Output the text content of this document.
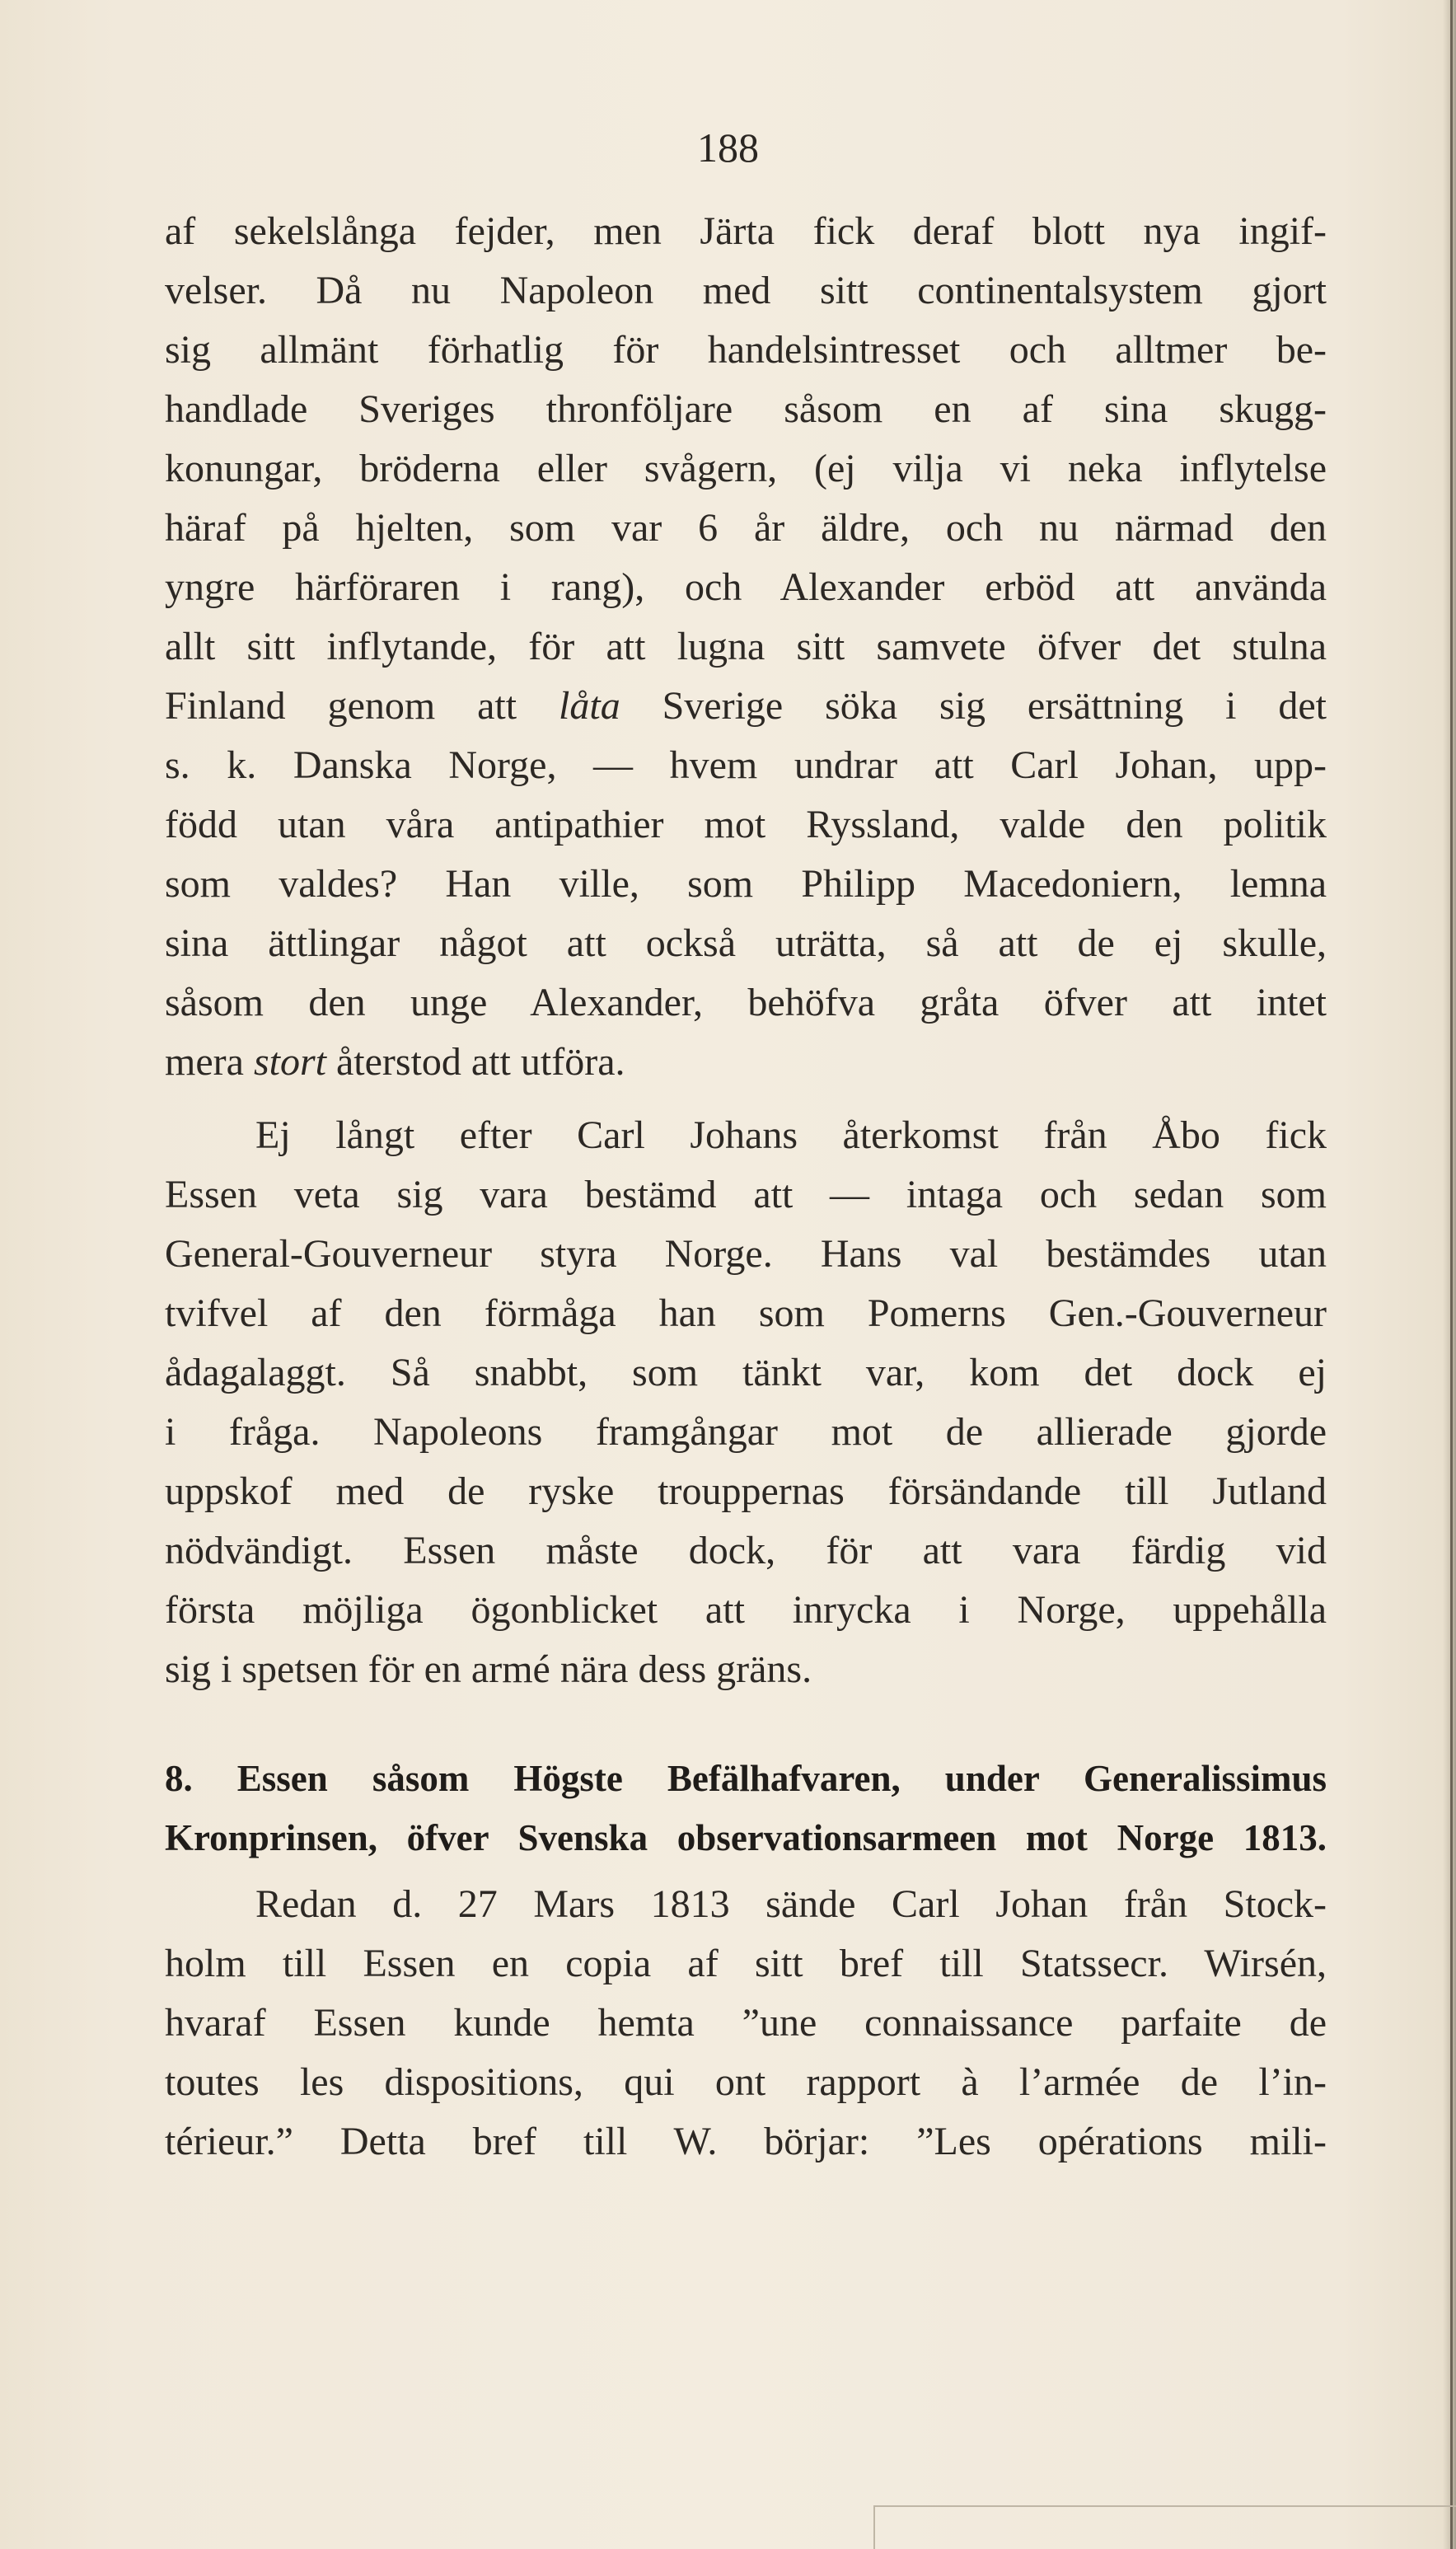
188
af sekelslånga fejder, men Järta fick deraf blott nya ingif-
velser. Då nu Napoleon med sitt continentalsystem gjort
sig allmänt förhatlig för handelsintresset och alltmer be-
handlade Sveriges thronföljare såsom en af sina skugg-
konungar, bröderna eller svågern, (ej vilja vi neka inflytelse
häraf på hjelten, som var 6 år äldre, och nu närmad den
yngre härföraren i rang), och Alexander erböd att använda
allt sitt inflytande, för att lugna sitt samvete öfver det stulna
Finland genom att låta Sverige söka sig ersättning i det
s. k. Danska Norge, — hvem undrar att Carl Johan, upp-
född utan våra antipathier mot Ryssland, valde den politik
som valdes? Han ville, som Philipp Macedoniern, lemna
sina ättlingar något att också uträtta, så att de ej skulle,
såsom den unge Alexander, behöfva gråta öfver att intet
mera stort återstod att utföra.
Ej långt efter Carl Johans återkomst från Åbo fick
Essen veta sig vara bestämd att — intaga och sedan som
General-Gouverneur styra Norge. Hans val bestämdes utan
tvifvel af den förmåga han som Pomerns Gen.-Gouverneur
ådagalaggt. Så snabbt, som tänkt var, kom det dock ej
i fråga. Napoleons framgångar mot de allierade gjorde
uppskof med de ryske trouppernas försändande till Jutland
nödvändigt. Essen måste dock, för att vara färdig vid
första möjliga ögonblicket att inrycka i Norge, uppehålla
sig i spetsen för en armé nära dess gräns.
8. Essen såsom Högste Befälhafvaren, under Generalissimus
Kronprinsen, öfver Svenska observationsarmeen mot Norge 1813.
Redan d. 27 Mars 1813 sände Carl Johan från Stock-
holm till Essen en copia af sitt bref till Statssecr. Wirsén,
hvaraf Essen kunde hemta ”une connaissance parfaite de
toutes les dispositions, qui ont rapport à l’armée de l’in-
térieur.” Detta bref till W. börjar: ”Les opérations mili-
